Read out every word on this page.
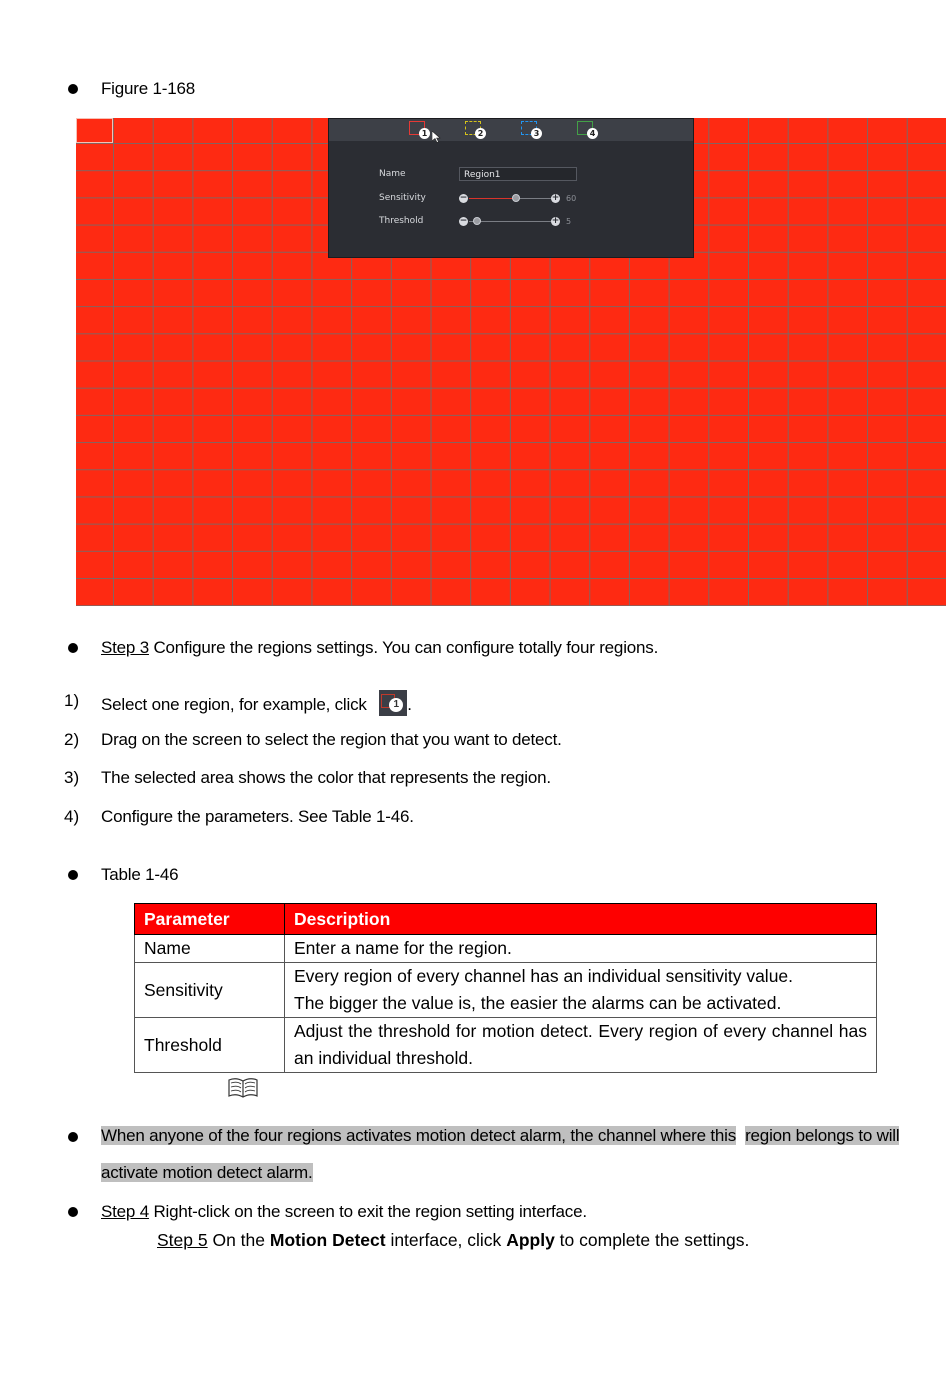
Figure 1-168
1	2	3	4
Name	Region1
Sensitivity	−	+ 60
Threshold	−	+ 5
Step 3 Configure the regions settings. You can configure totally four regions.
1) Select one region, for example, click	1 .
2) Drag on the screen to select the region that you want to detect.
3) The selected area shows the color that represents the region.
4) Configure the parameters. See Table 1-46.
Table 1-46
Parameter	Description
Name	Enter a name for the region.
Sensitivity	Every region of every channel has an individual sensitivity value.
The bigger the value is, the easier the alarms can be activated.

Threshold	Adjust the threshold for motion detect. Every region of every channel has an individual threshold.
When anyone of the four regions activates motion detect alarm, the channel where this region belongs to will
activate motion detect alarm.
Step 4 Right-click on the screen to exit the region setting interface.
Step 5 On the Motion Detect interface, click Apply to complete the settings.
